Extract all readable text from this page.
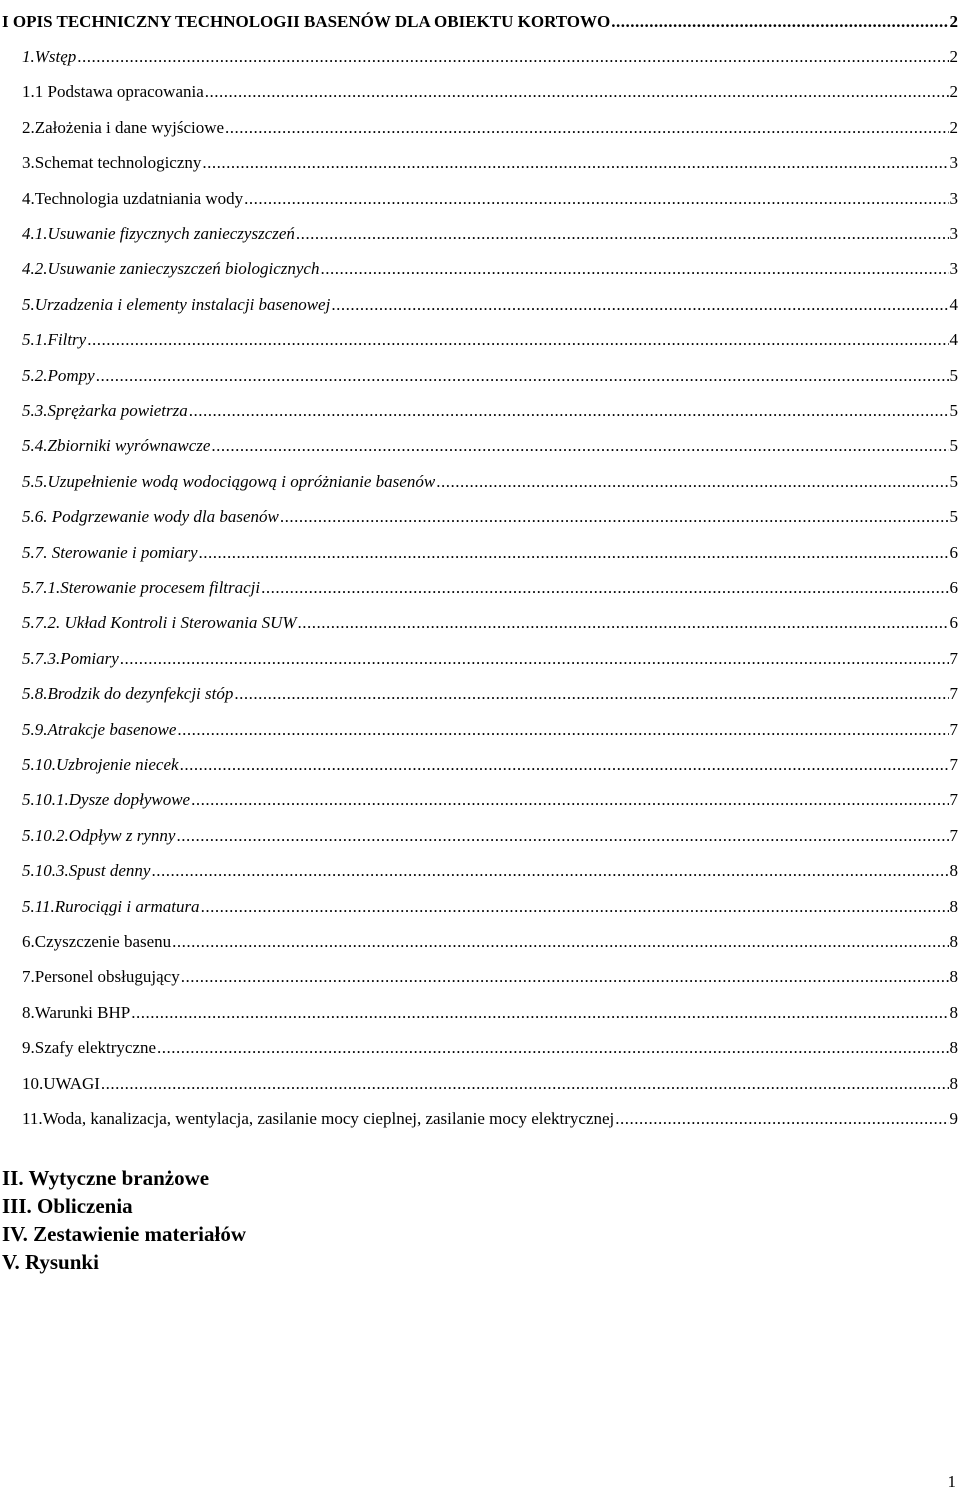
I OPIS TECHNICZNY TECHNOLOGII BASENÓW DLA OBIEKTU KORTOWO .....	2
1.Wstęp .....	2
1.1 Podstawa opracowania .....	2
2.Założenia i dane wyjściowe .....	2
3.Schemat technologiczny .....	3
4.Technologia uzdatniania wody .....	3
4.1.Usuwanie fizycznych zanieczyszczeń .....	3
4.2.Usuwanie zanieczyszczeń biologicznych .....	3
5.Urzadzenia i elementy instalacji basenowej .....	4
5.1.Filtry .....	4
5.2.Pompy .....	5
5.3.Sprężarka powietrza .....	5
5.4.Zbiorniki wyrównawcze .....	5
5.5.Uzupełnienie wodą wodociągową i opróżnianie basenów .....	5
5.6. Podgrzewanie wody dla basenów .....	5
5.7. Sterowanie i pomiary .....	6
5.7.1.Sterowanie procesem filtracji .....	6
5.7.2. Układ Kontroli i Sterowania SUW .....	6
5.7.3.Pomiary .....	7
5.8.Brodzik do dezynfekcji stóp .....	7
5.9.Atrakcje basenowe .....	7
5.10.Uzbrojenie niecek .....	7
5.10.1.Dysze dopływowe .....	7
5.10.2.Odpływ z rynny .....	7
5.10.3.Spust denny .....	8
5.11.Rurociągi i armatura .....	8
6.Czyszczenie basenu .....	8
7.Personel obsługujący .....	8
8.Warunki BHP .....	8
9.Szafy elektryczne .....	8
10.UWAGI .....	8
11.Woda, kanalizacja, wentylacja, zasilanie mocy cieplnej, zasilanie mocy elektrycznej .....	9
II. Wytyczne branżowe
III. Obliczenia
IV. Zestawienie materiałów
V. Rysunki
1
